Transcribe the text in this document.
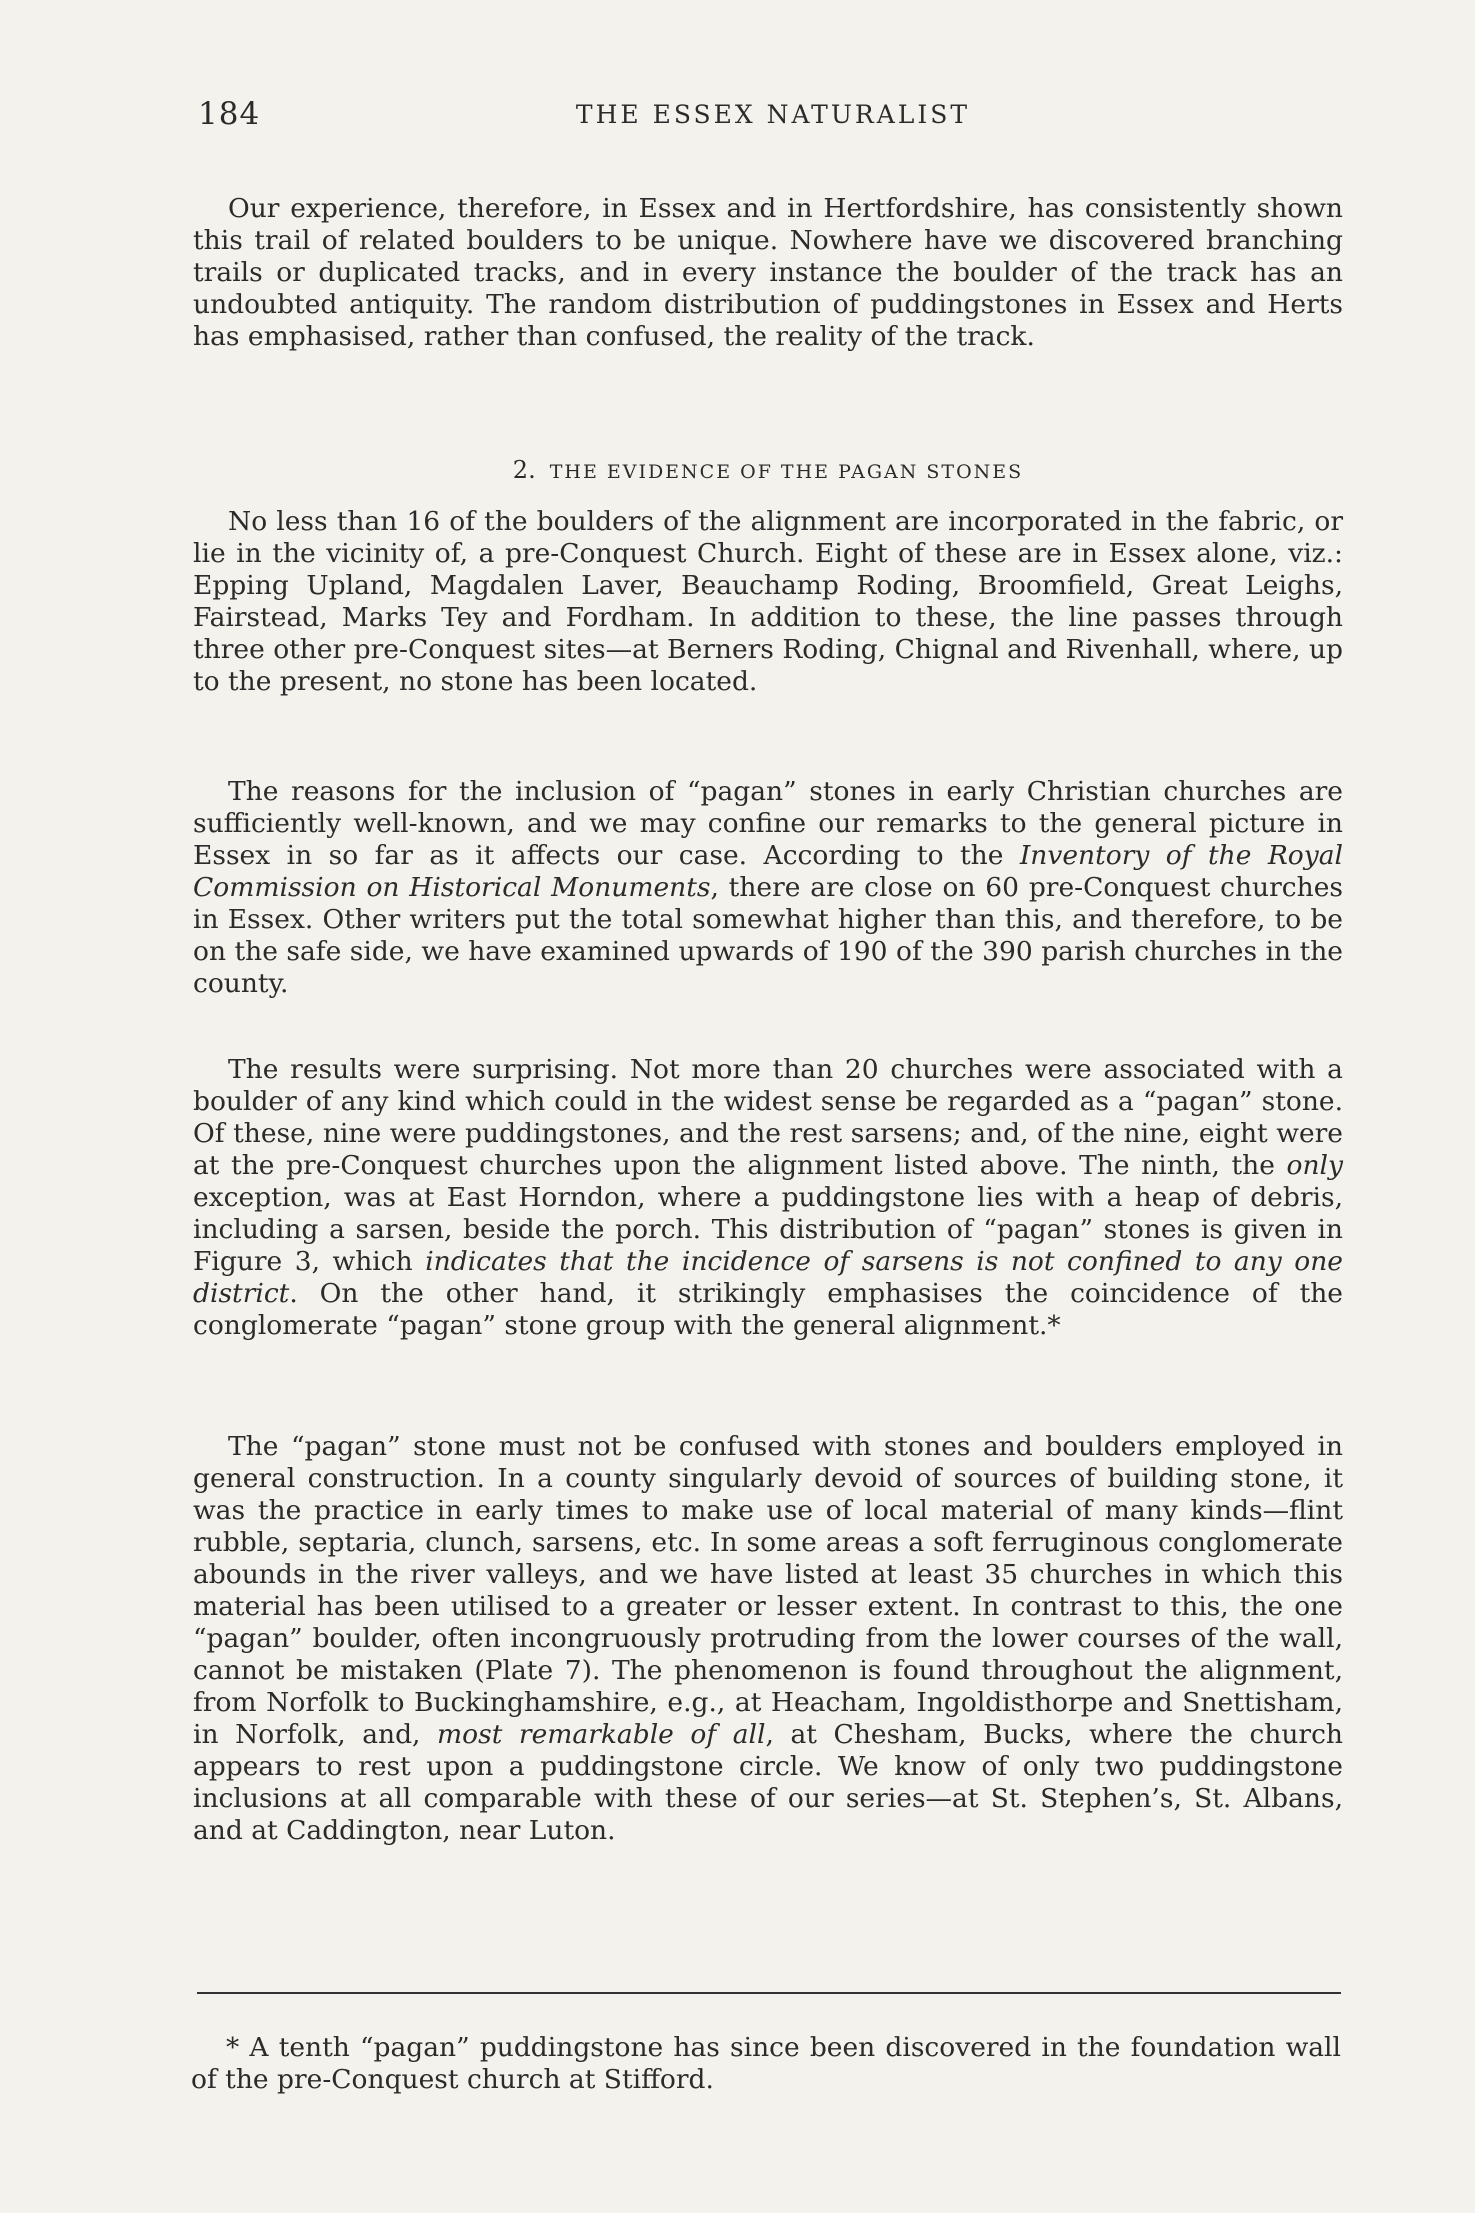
184	THE ESSEX NATURALIST

Our experience, therefore, in Essex and in Hertfordshire, has consistently shown this trail of related boulders to be unique. Nowhere have we discovered branching trails or duplicated tracks, and in every instance the boulder of the track has an undoubted antiquity. The random distribution of puddingstones in Essex and Herts has emphasised, rather than confused, the reality of the track.

2. THE EVIDENCE OF THE PAGAN STONES

No less than 16 of the boulders of the alignment are incorporated in the fabric, or lie in the vicinity of, a pre-Conquest Church. Eight of these are in Essex alone, viz.: Epping Upland, Magdalen Laver, Beauchamp Roding, Broomfield, Great Leighs, Fairstead, Marks Tey and Fordham. In addition to these, the line passes through three other pre-Conquest sites—at Berners Roding, Chignal and Rivenhall, where, up to the present, no stone has been located.

The reasons for the inclusion of “pagan” stones in early Christian churches are sufficiently well-known, and we may confine our remarks to the general picture in Essex in so far as it affects our case. According to the Inventory of the Royal Commission on Historical Monuments, there are close on 60 pre-Conquest churches in Essex. Other writers put the total somewhat higher than this, and therefore, to be on the safe side, we have examined upwards of 190 of the 390 parish churches in the county.

The results were surprising. Not more than 20 churches were associated with a boulder of any kind which could in the widest sense be regarded as a “pagan” stone. Of these, nine were puddingstones, and the rest sarsens; and, of the nine, eight were at the pre-Conquest churches upon the alignment listed above. The ninth, the only exception, was at East Horndon, where a puddingstone lies with a heap of debris, including a sarsen, beside the porch. This distribution of “pagan” stones is given in Figure 3, which indicates that the incidence of sarsens is not confined to any one district. On the other hand, it strikingly emphasises the coincidence of the conglomerate “pagan” stone group with the general alignment.*

The “pagan” stone must not be confused with stones and boulders employed in general construction. In a county singularly devoid of sources of building stone, it was the practice in early times to make use of local material of many kinds—flint rubble, septaria, clunch, sarsens, etc. In some areas a soft ferruginous conglomerate abounds in the river valleys, and we have listed at least 35 churches in which this material has been utilised to a greater or lesser extent. In contrast to this, the one “pagan” boulder, often incongruously protruding from the lower courses of the wall, cannot be mistaken (Plate 7). The phenomenon is found throughout the alignment, from Norfolk to Buckinghamshire, e.g., at Heacham, Ingoldisthorpe and Snettisham, in Norfolk, and, most remarkable of all, at Chesham, Bucks, where the church appears to rest upon a puddingstone circle. We know of only two puddingstone inclusions at all comparable with these of our series—at St. Stephen’s, St. Albans, and at Caddington, near Luton.

* A tenth “pagan” puddingstone has since been discovered in the foundation wall of the pre-Conquest church at Stifford.
